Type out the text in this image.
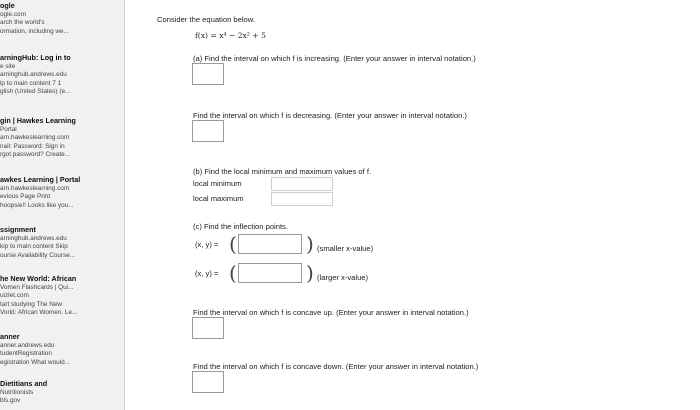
ogle
ogle.com
arch the world's
ormation, including we...
arningHub: Log in to
e site
arninghub.andrews.edu
ip to main content 7 1
glish (United States) (e...
gin | Hawkes Learning
Portal
arn.hawkeslearning.com
nail: Password: Sign in
rgot password? Create...
awkes Learning | Portal
arn.hawkeslearning.com
evious Page Print
hoopsie!! Looks like you...
ssignment
arninghub.andrews.edu
kip to main content Skip
ourse Availability Course...
he New World: African
Vomen Flashcards | Qui...
uizlet.com
tart studying The New
Vorld: African Women. Le...
anner
anner.andrews.edu
tudentRegistration
egistration What would...
Dietitians and
Nutritionists
bls.gov
Consider the equation below.
f(x) = x⁴ − 2x² + 5
(a) Find the interval on which f is increasing. (Enter your answer in interval notation.)
Find the interval on which f is decreasing. (Enter your answer in interval notation.)
(b) Find the local minimum and maximum values of f.
local minimum
local maximum
(c) Find the inflection points.
(x, y) = (	) (smaller x-value)
(x, y) = (	) (larger x-value)
Find the interval on which f is concave up. (Enter your answer in interval notation.)
Find the interval on which f is concave down. (Enter your answer in interval notation.)
